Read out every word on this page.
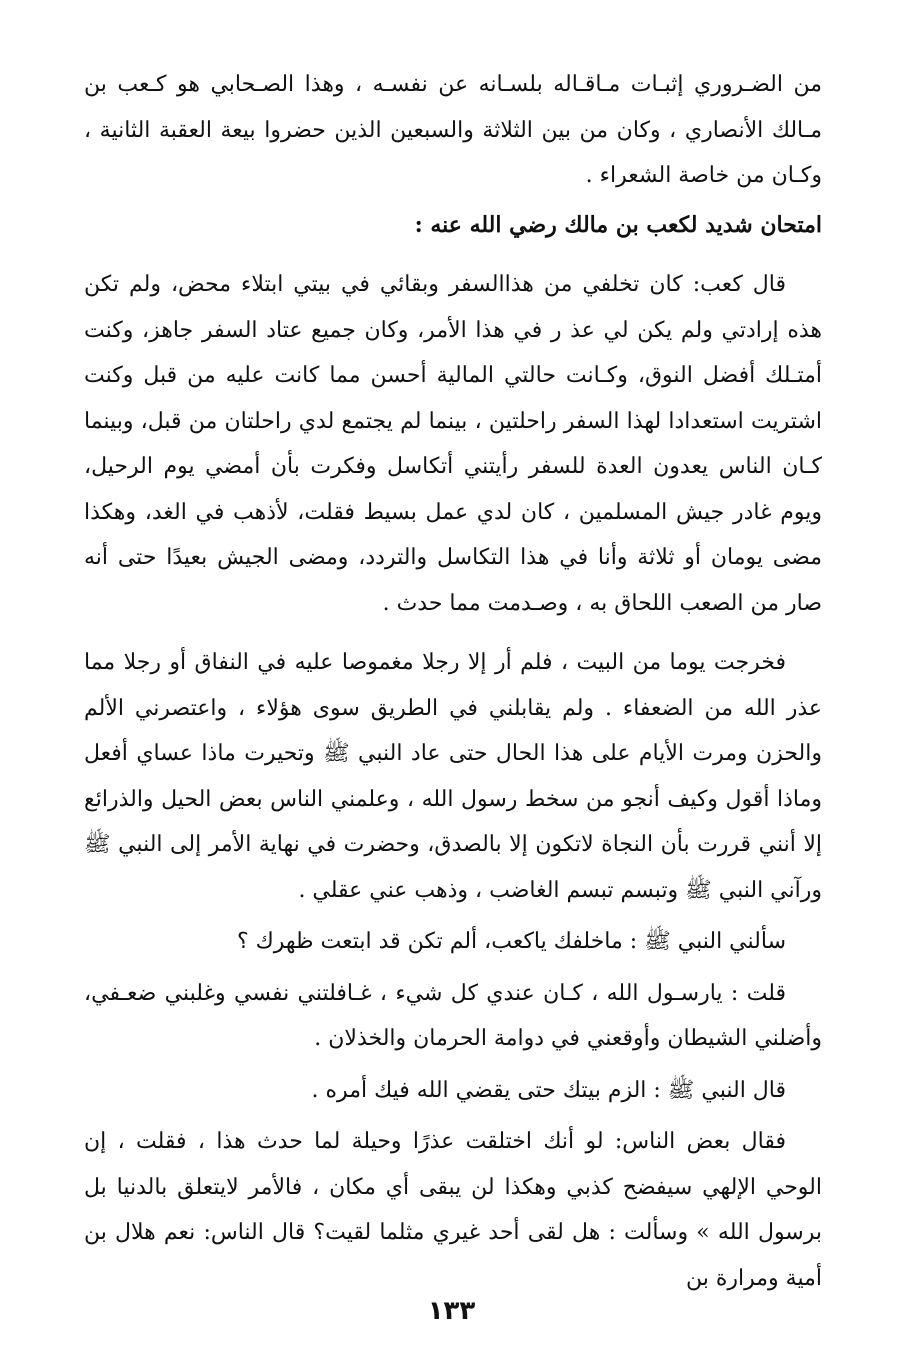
من الضـروري إثبـات مـاقـاله بلسـانه عن نفسـه ، وهذا الصـحابي هو كـعب بن مـالك الأنصاري ، وكان من بين الثلاثة والسبعين الذين حضروا بيعة العقبة الثانية ، وكـان من خاصة الشعراء .

امتحان شديد لكعب بن مالك رضي الله عنه :

قال كعب: كان تخلفي من هذاالسفر وبقائي في بيتي ابتلاء محض، ولم تكن هذه إرادتي ولم يكن لي عذ ر في هذا الأمر، وكان جميع عتاد السفر جاهز، وكنت أمتـلك أفضل النوق، وكـانت حالتي المالية أحسن مما كانت عليه من قبل وكنت اشتريت استعدادا لهذا السفر راحلتين ، بينما لم يجتمع لدي راحلتان من قبل، وبينما كـان الناس يعدون العدة للسفر رأيتني أتكاسل وفكرت بأن أمضي يوم الرحيل، ويوم غادر جيش المسلمين ، كان لدي عمل بسيط فقلت، لأذهب في الغد، وهكذا مضى يومان أو ثلاثة وأنا في هذا التكاسل والتردد، ومضى الجيش بعيدًا حتى أنه صار من الصعب اللحاق به ، وصـدمت مما حدث .

فخرجت يوما من البيت ، فلم أر إلا رجلا مغموصا عليه في النفاق أو رجلا مما عذر الله من الضعفاء . ولم يقابلني في الطريق سوى هؤلاء ، واعتصرني الألم والحزن ومرت الأيام على هذا الحال حتى عاد النبي ﷺ وتحيرت ماذا عساي أفعل وماذا أقول وكيف أنجو من سخط رسول الله ، وعلمني الناس بعض الحيل والذرائع إلا أنني قررت بأن النجاة لاتكون إلا بالصدق، وحضرت في نهاية الأمر إلى النبي ﷺ ورآني النبي ﷺ وتبسم تبسم الغاضب ، وذهب عني عقلي .

سألني النبي ﷺ : ماخلفك ياكعب، ألم تكن قد ابتعت ظهرك ؟

قلت : يارسـول الله ، كـان عندي كل شيء ، غـافلتني نفسي وغلبني ضعـفي، وأضلني الشيطان وأوقعني في دوامة الحرمان والخذلان .

قال النبي ﷺ : الزم بيتك حتى يقضي الله فيك أمره .

فقال بعض الناس: لو أنك اختلقت عذرًا وحيلة لما حدث هذا ، فقلت ، إن الوحي الإلهي سيفضح كذبي وهكذا لن يبقى أي مكان ، فالأمر لايتعلق بالدنيا بل برسول الله » وسألت : هل لقى أحد غيري مثلما لقيت؟ قال الناس: نعم هلال بن أمية ومرارة بن

١٣٣
